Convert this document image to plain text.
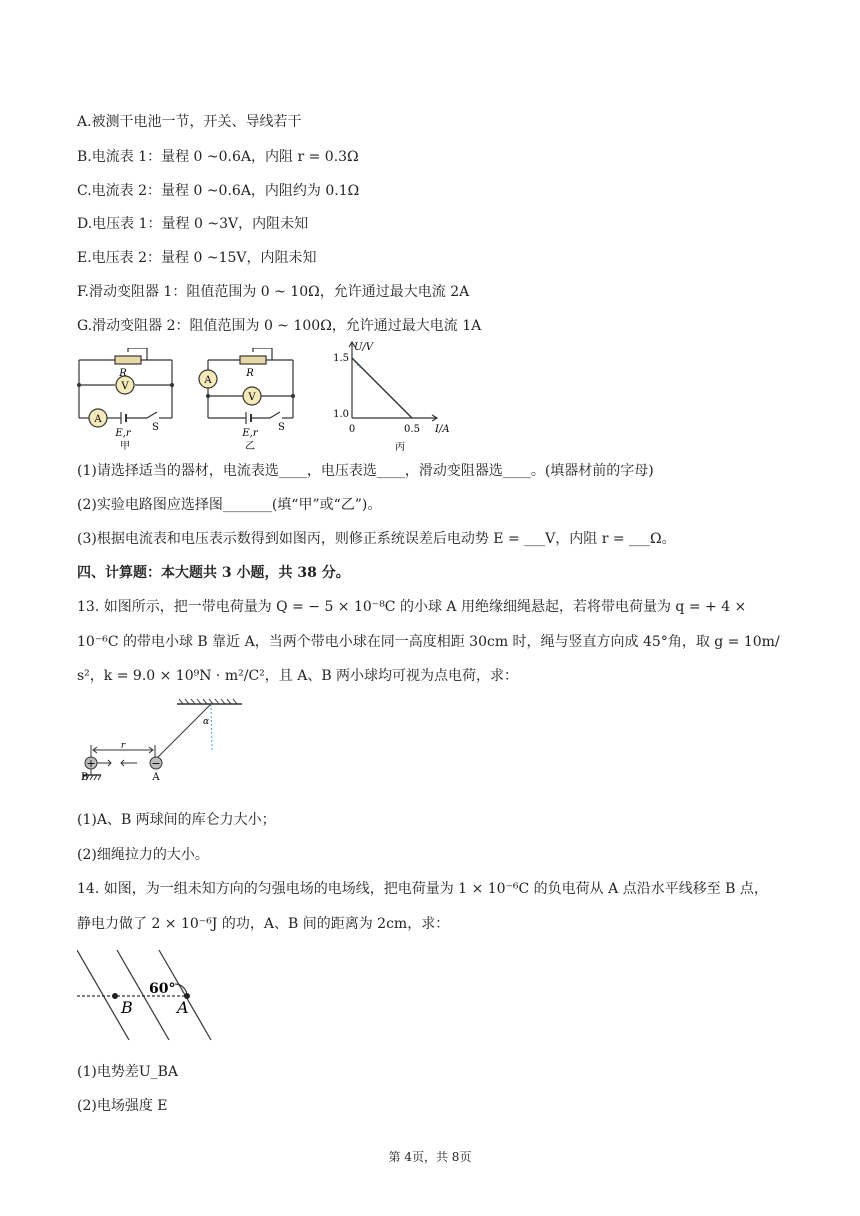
A.被测干电池一节，开关、导线若干
B.电流表 1：量程 0 ~0.6A，内阻 r = 0.3Ω
C.电流表 2：量程 0 ~0.6A，内阻约为 0.1Ω
D.电压表 1：量程 0 ~3V，内阻未知
E.电压表 2：量程 0 ~15V，内阻未知
F.滑动变阻器 1：阻值范围为 0 ~ 10Ω，允许通过最大电流 2A
G.滑动变阻器 2：阻值范围为 0 ~ 100Ω，允许通过最大电流 1A
R
V
A
E,r
S
甲
R
V
A
E,r
S
乙
U/V
1.5
1.0
0	0.5 I/A
丙
(1)请选择适当的器材，电流表选____，电压表选____，滑动变阻器选____。(填器材前的字母)
(2)实验电路图应选择图_______(填“甲”或“乙”)。
(3)根据电流表和电压表示数得到如图丙，则修正系统误差后电动势 E = ___V，内阻 r = ___Ω。
四、计算题：本大题共 3 小题，共 38 分。
13. 如图所示，把一带电荷量为 Q = − 5 × 10⁻⁸C 的小球 A 用绝缘细绳悬起，若将带电荷量为 q = + 4 ×
10⁻⁶C 的带电小球 B 靠近 A，当两个带电小球在同一高度相距 30cm 时，绳与竖直方向成 45°角，取 g = 10m/
s²，k = 9.0 × 10⁹N · m²/C²，且 A、B 两小球均可视为点电荷，求：
+	−
α
r
B	A
(1)A、B 两球间的库仑力大小；
(2)细绳拉力的大小。
14. 如图，为一组未知方向的匀强电场的电场线，把电荷量为 1 × 10⁻⁶C 的负电荷从 A 点沿水平线移至 B 点，
静电力做了 2 × 10⁻⁶J 的功，A、B 间的距离为 2cm，求：
60°
B	A
(1)电势差U_BA
(2)电场强度 E
第 4页，共 8页
